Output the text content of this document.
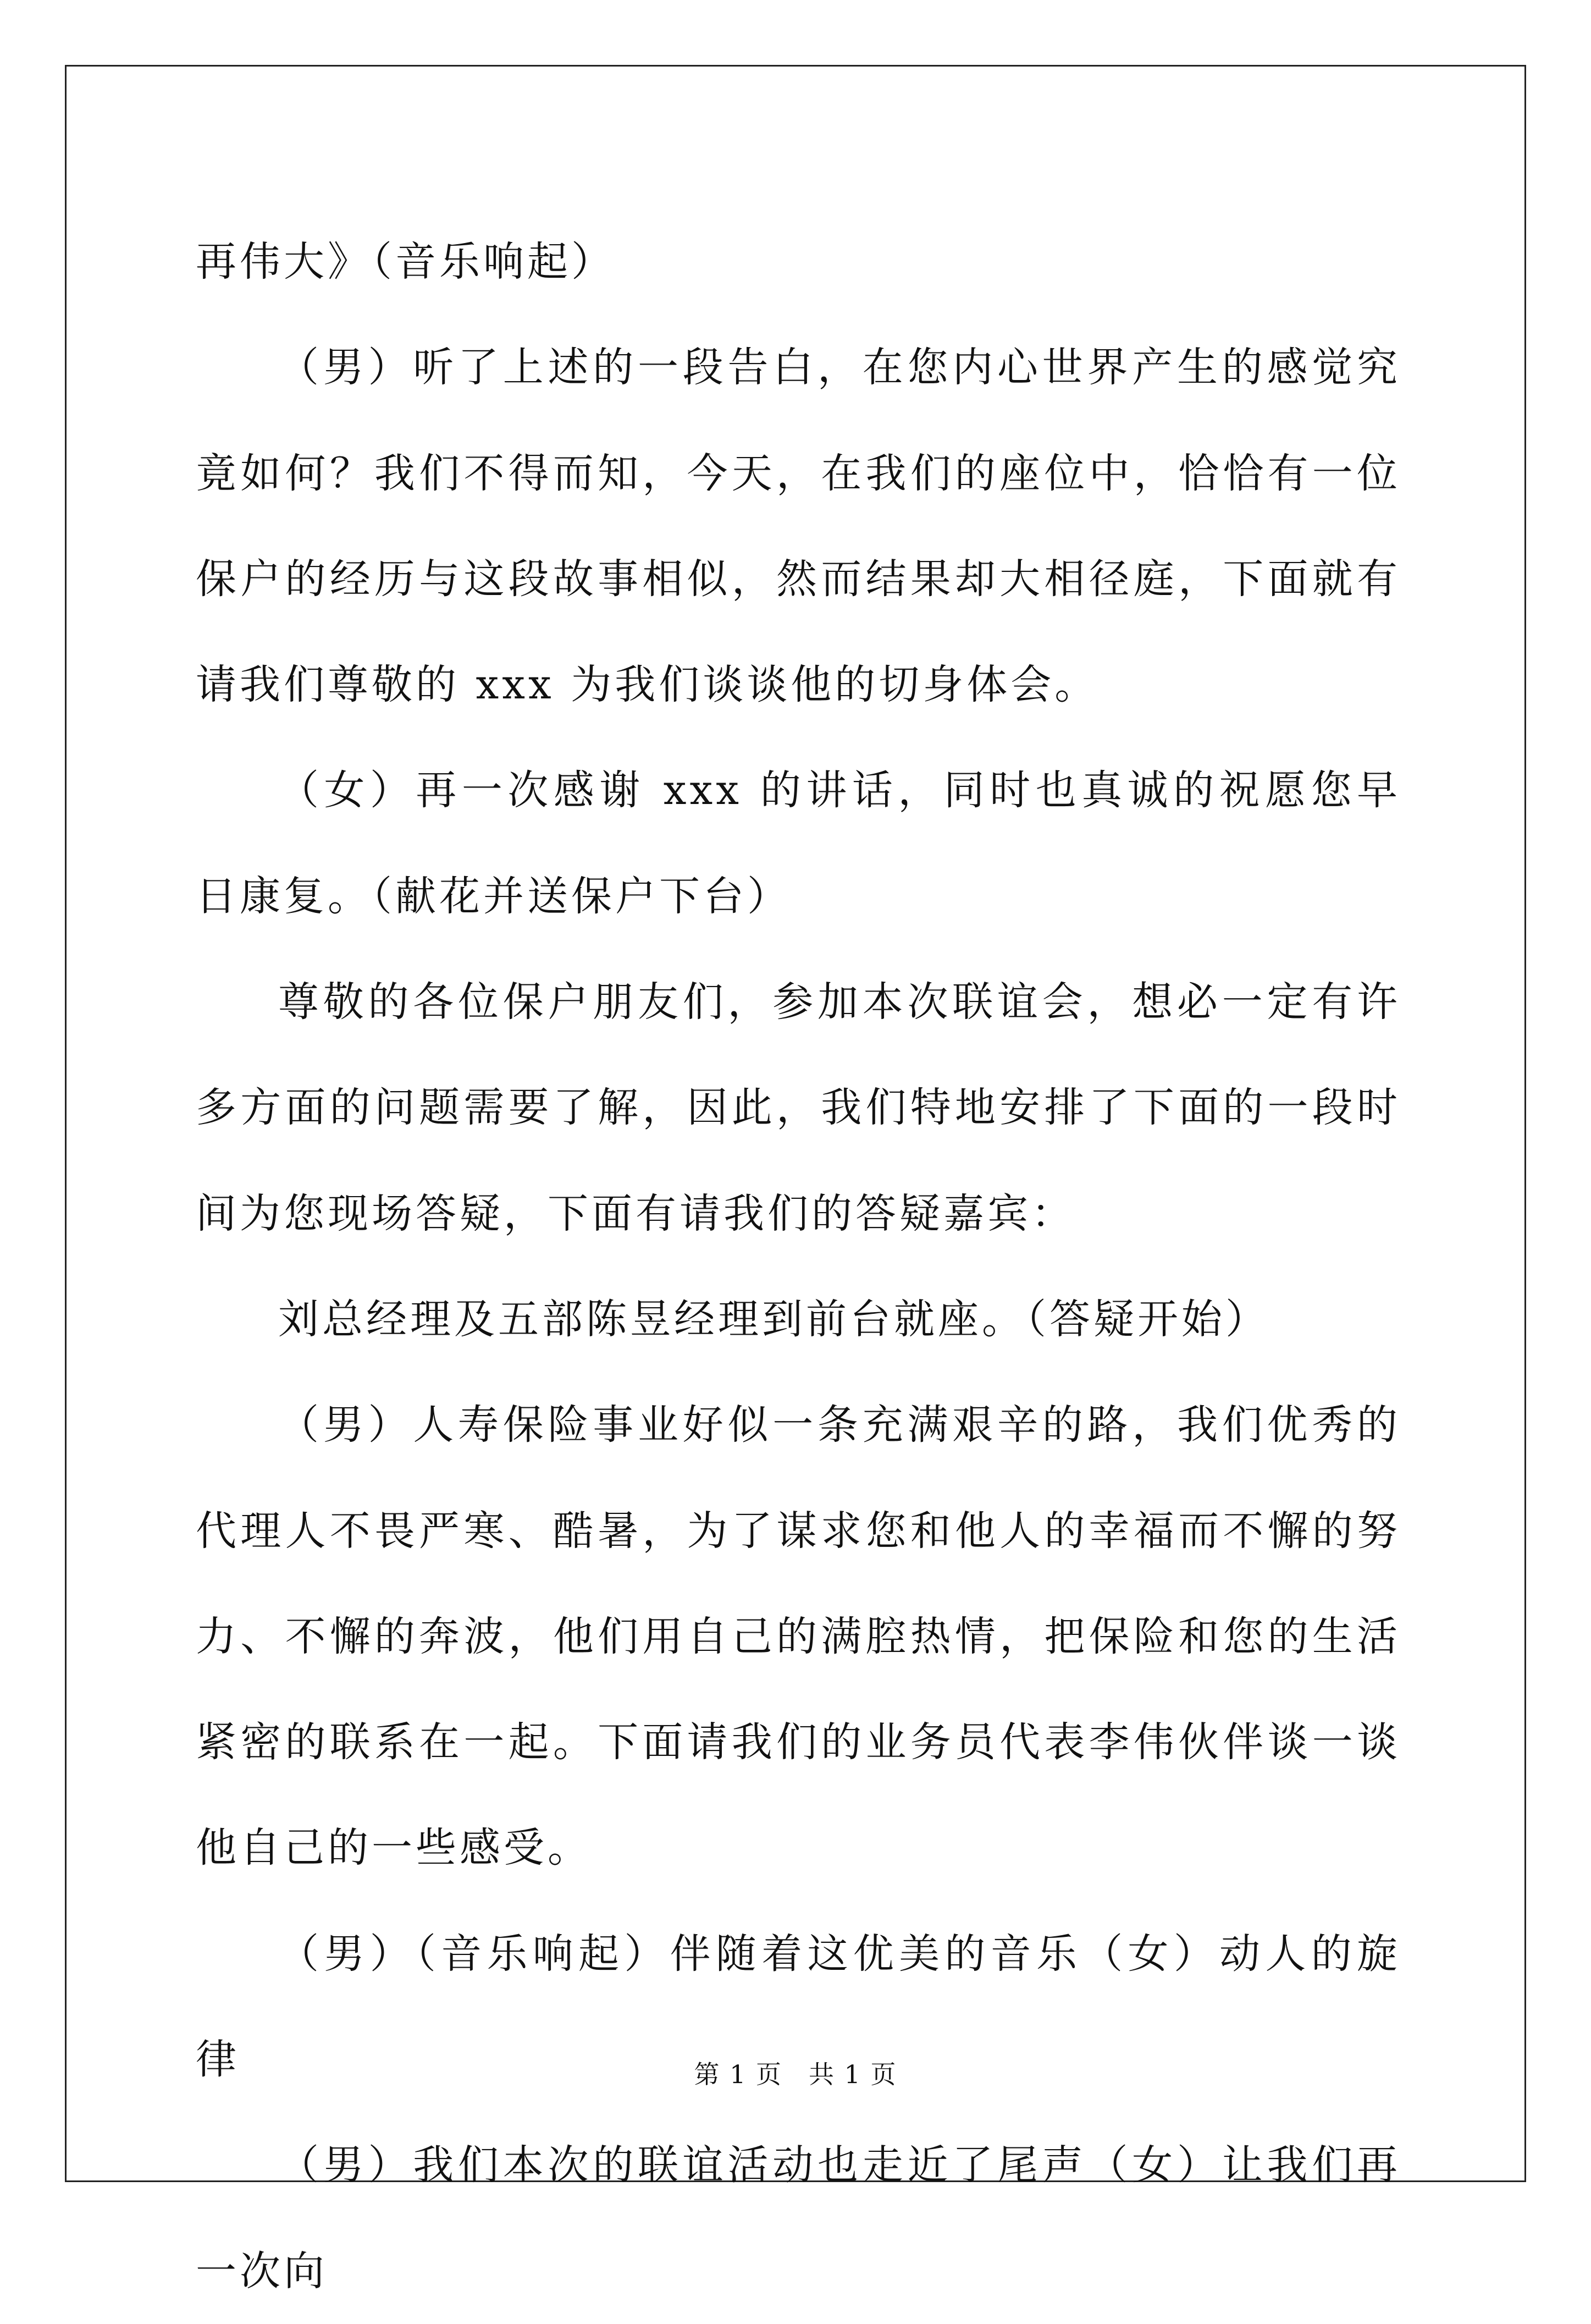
再伟大》（音乐响起）

（男）听了上述的一段告白，在您内心世界产生的感觉究竟如何？我们不得而知，今天，在我们的座位中，恰恰有一位保户的经历与这段故事相似，然而结果却大相径庭，下面就有请我们尊敬的 xxx 为我们谈谈他的切身体会。

（女）再一次感谢 xxx 的讲话，同时也真诚的祝愿您早日康复。（献花并送保户下台）

尊敬的各位保户朋友们，参加本次联谊会，想必一定有许多方面的问题需要了解，因此，我们特地安排了下面的一段时间为您现场答疑，下面有请我们的答疑嘉宾：

刘总经理及五部陈昱经理到前台就座。（答疑开始）

（男）人寿保险事业好似一条充满艰辛的路，我们优秀的代理人不畏严寒、酷暑，为了谋求您和他人的幸福而不懈的努力、不懈的奔波，他们用自己的满腔热情，把保险和您的生活紧密的联系在一起。下面请我们的业务员代表李伟伙伴谈一谈他自己的一些感受。

（男）（音乐响起）伴随着这优美的音乐（女）动人的旋律

（男）我们本次的联谊活动也走近了尾声（女）让我们再一次向

第 1 页　共 1 页
